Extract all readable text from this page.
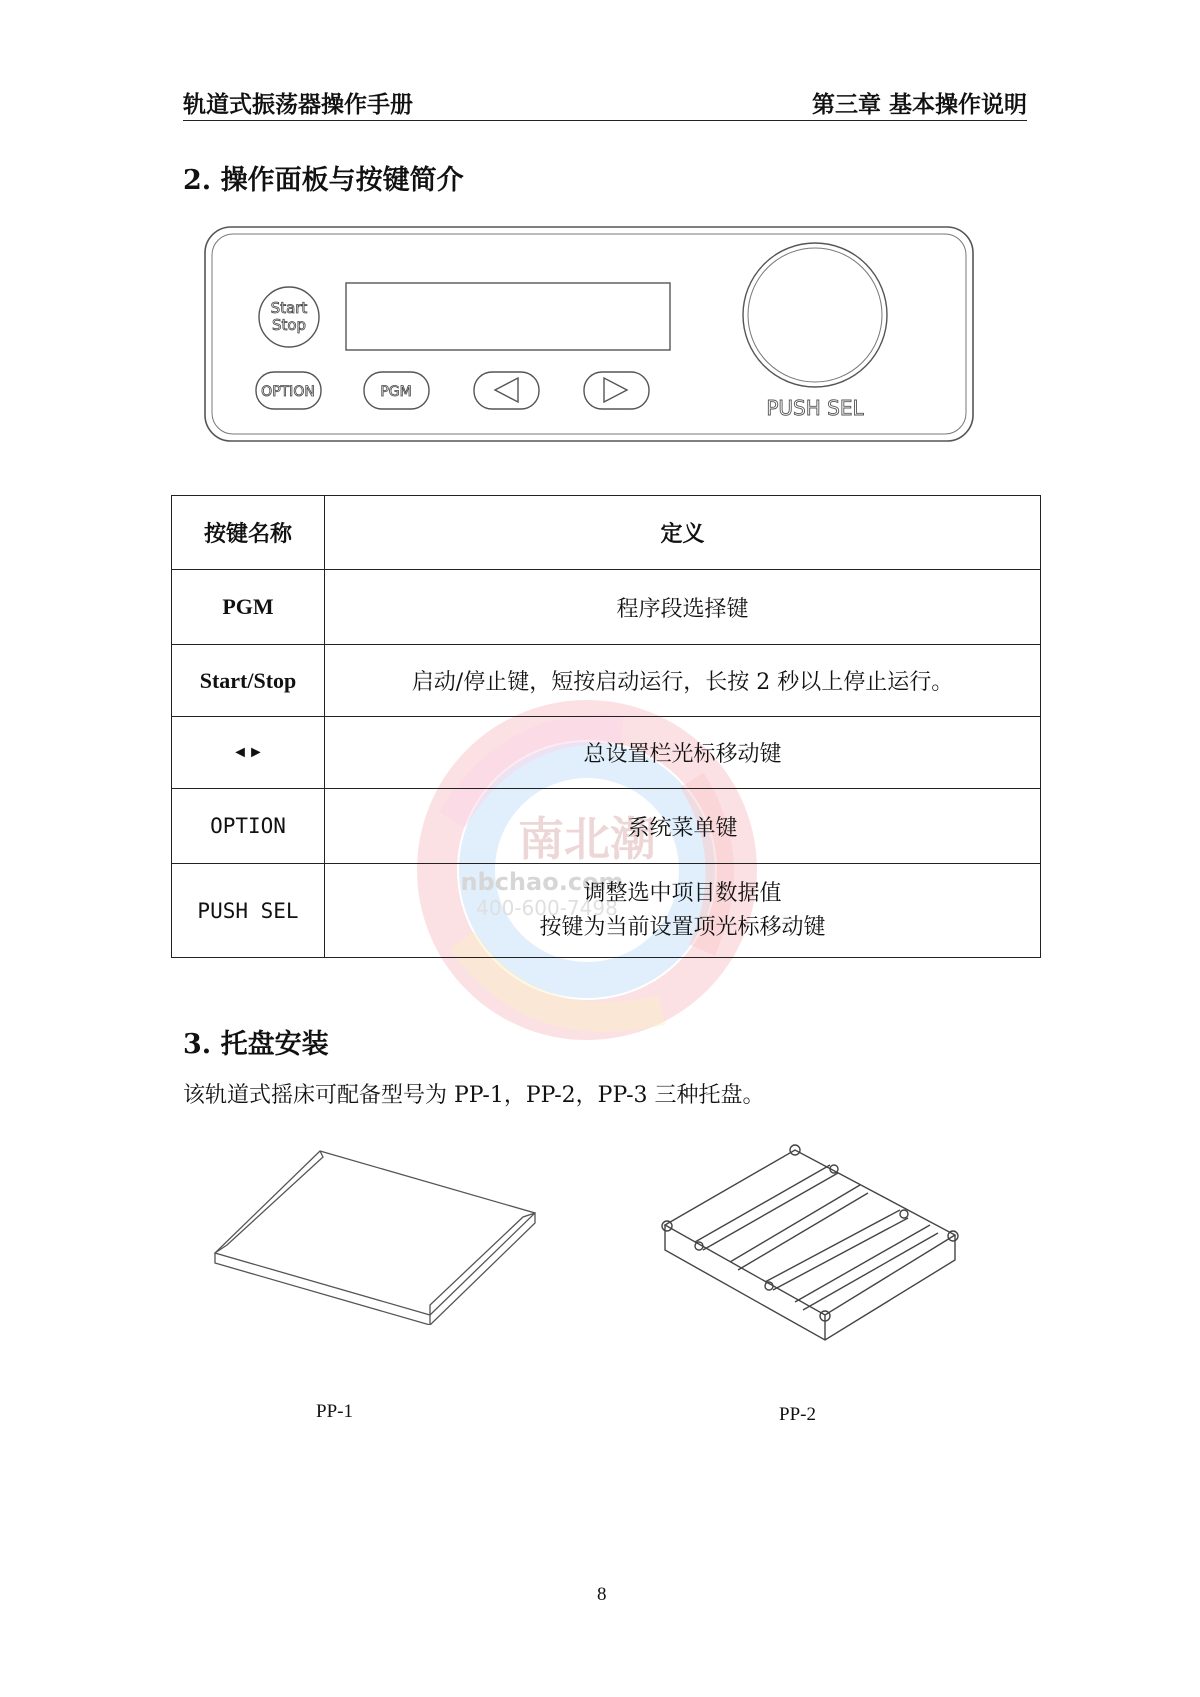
轨道式振荡器操作手册	第三章 基本操作说明
2. 操作面板与按键简介
Start
Stop
OPTION	PGM
PUSH SEL
南北潮
nbchao.com
400-600-7498
按键名称	定义
PGM	程序段选择键
Start/Stop	启动/停止键，短按启动运行，长按 2 秒以上停止运行。
◄►	总设置栏光标移动键
OPTION	系统菜单键
PUSH SEL	调整选中项目数据值
按键为当前设置项光标移动键
3. 托盘安装
该轨道式摇床可配备型号为 PP-1，PP-2，PP-3 三种托盘。
PP-1	PP-2
8
